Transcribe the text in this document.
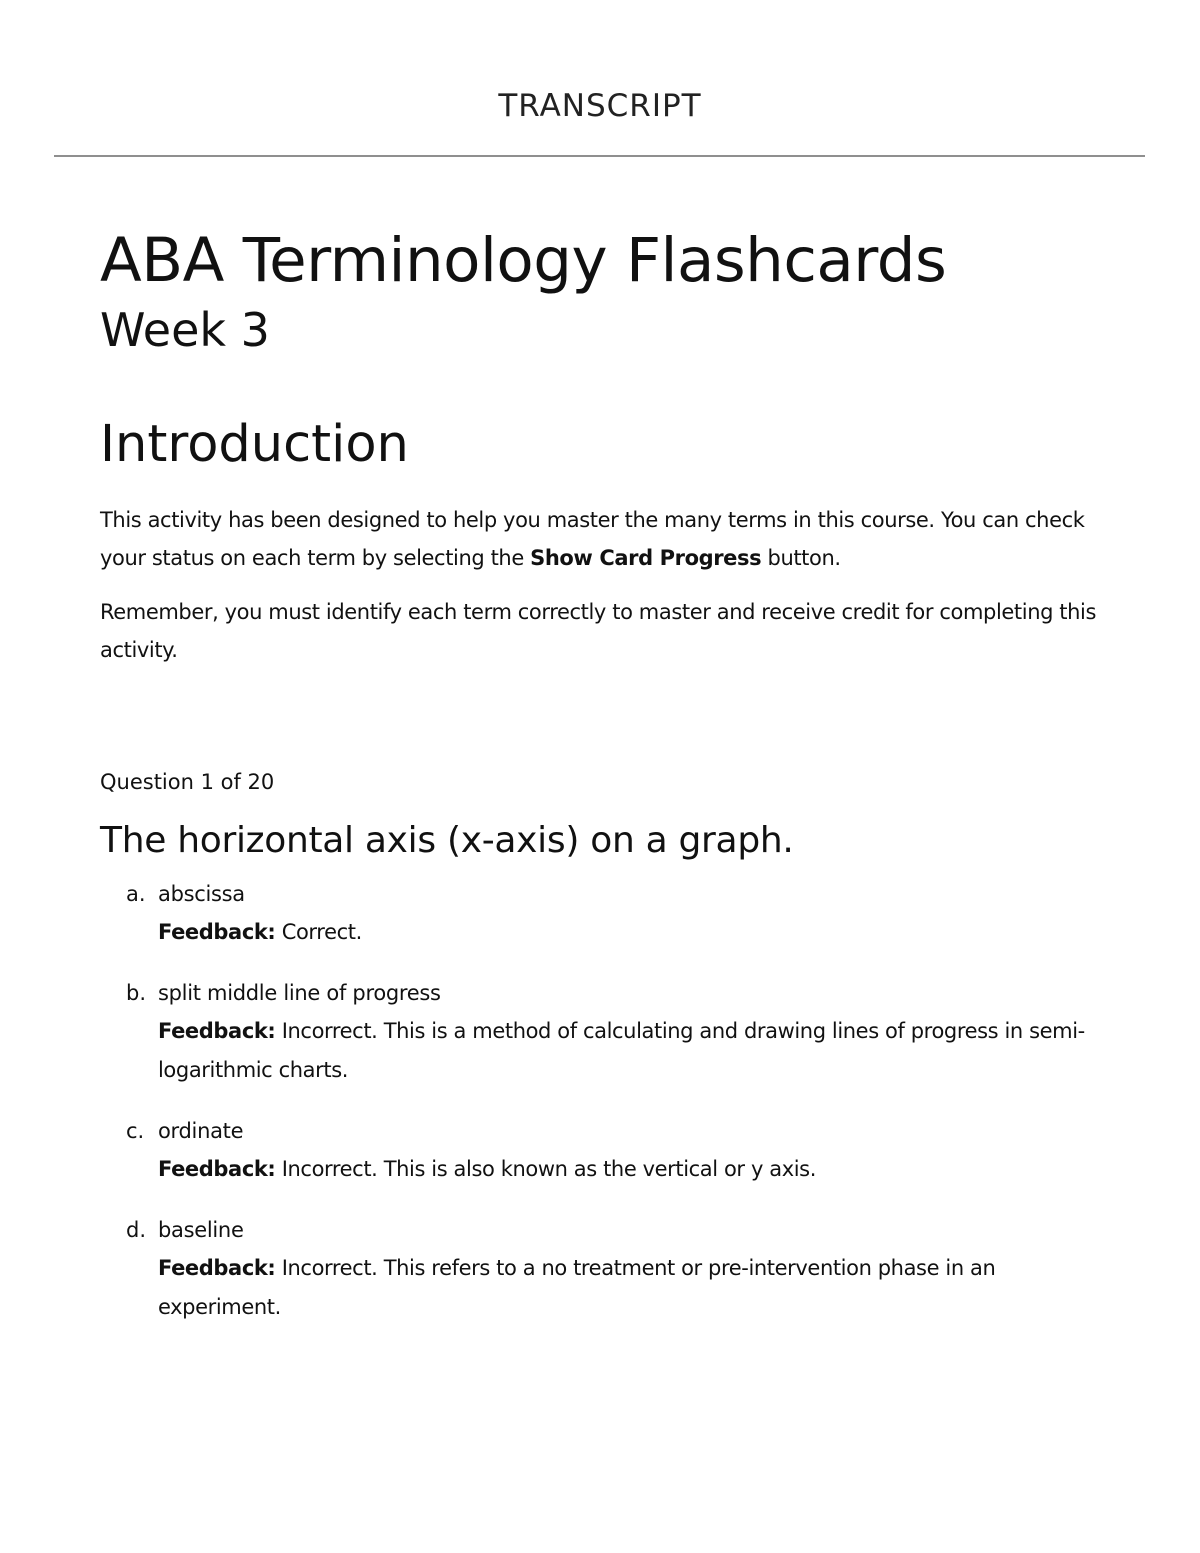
TRANSCRIPT
ABA Terminology Flashcards
Week 3
Introduction

This activity has been designed to help you master the many terms in this course. You can check your status on each term by selecting the Show Card Progress button.

Remember, you must identify each term correctly to master and receive credit for completing this activity.

Question 1 of 20
The horizontal axis (x-axis) on a graph.
a. abscissa
Feedback: Correct.
b. split middle line of progress
Feedback: Incorrect. This is a method of calculating and drawing lines of progress in semi-logarithmic charts.
c. ordinate
Feedback: Incorrect. This is also known as the vertical or y axis.
d. baseline
Feedback: Incorrect. This refers to a no treatment or pre-intervention phase in an experiment.
